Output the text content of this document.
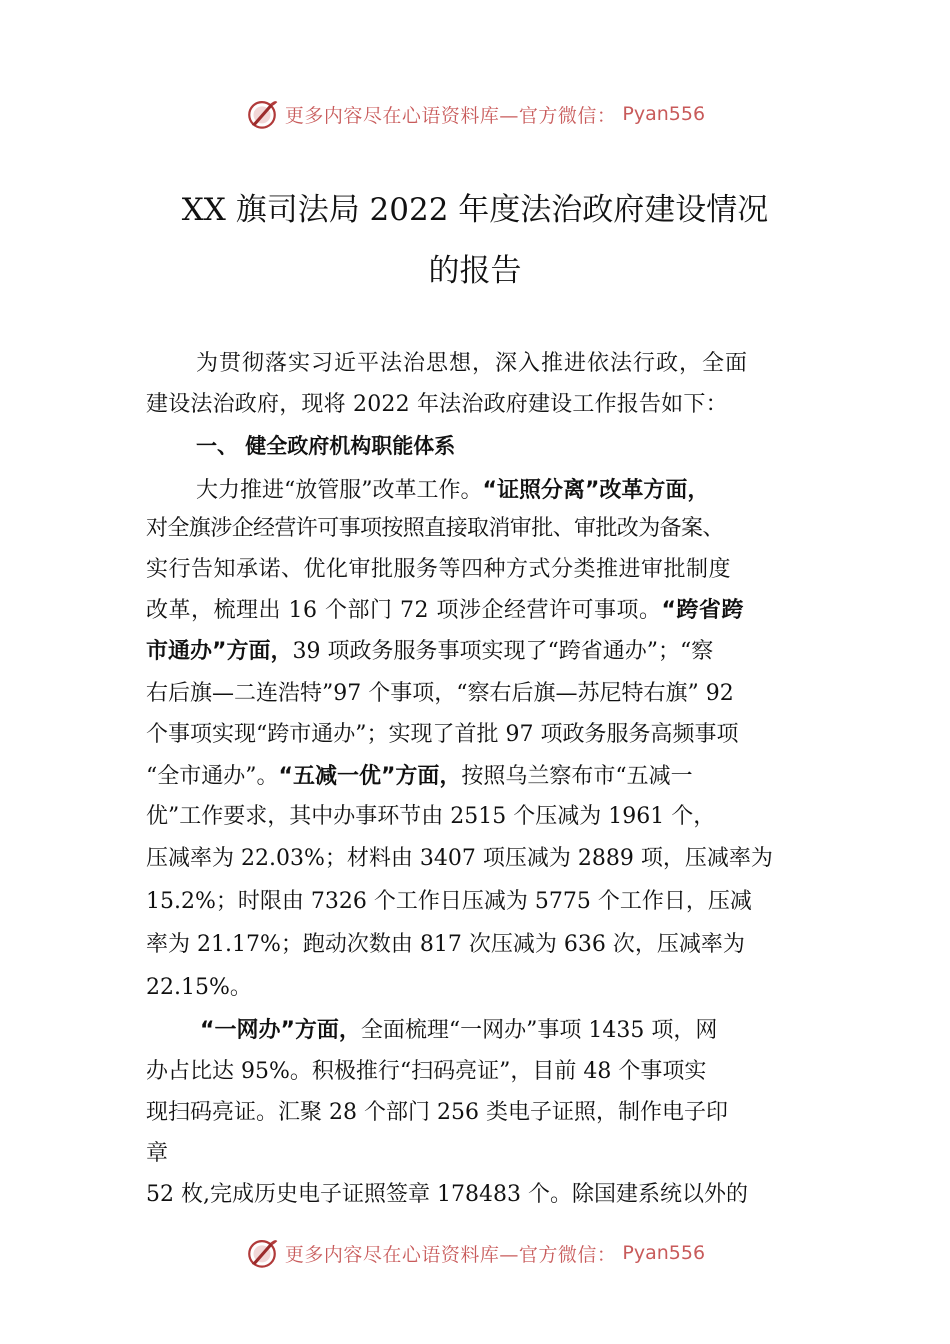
更多内容尽在心语资料库—官方微信： Pyan556
XX 旗司法局 2022 年度法治政府建设情况
的报告
为贯彻落实习近平法治思想，深入推进依法行政，全面
建设法治政府，现将 2022 年法治政府建设工作报告如下：
一、 健全政府机构职能体系
大力推进“放管服”改革工作。“证照分离”改革方面，
对全旗涉企经营许可事项按照直接取消审批、审批改为备案、
实行告知承诺、优化审批服务等四种方式分类推进审批制度
改革，梳理出 16 个部门 72 项涉企经营许可事项。“跨省跨
市通办”方面，39 项政务服务事项实现了“跨省通办”；“察
右后旗—二连浩特”97 个事项，“察右后旗—苏尼特右旗” 92
个事项实现“跨市通办”；实现了首批 97 项政务服务高频事项
“全市通办”。“五减一优”方面，按照乌兰察布市“五减一
优”工作要求，其中办事环节由 2515 个压减为 1961 个，
压减率为 22.03%；材料由 3407 项压减为 2889 项，压减率为
15.2%；时限由 7326 个工作日压减为 5775 个工作日，压减
率为 21.17%；跑动次数由 817 次压减为 636 次，压减率为
22.15%。
“一网办”方面，全面梳理“一网办”事项 1435 项，网
办占比达 95%。积极推行“扫码亮证”，目前 48 个事项实
现扫码亮证。汇聚 28 个部门 256 类电子证照，制作电子印
章
52 枚,完成历史电子证照签章 178483 个。除国建系统以外的
更多内容尽在心语资料库—官方微信： Pyan556
